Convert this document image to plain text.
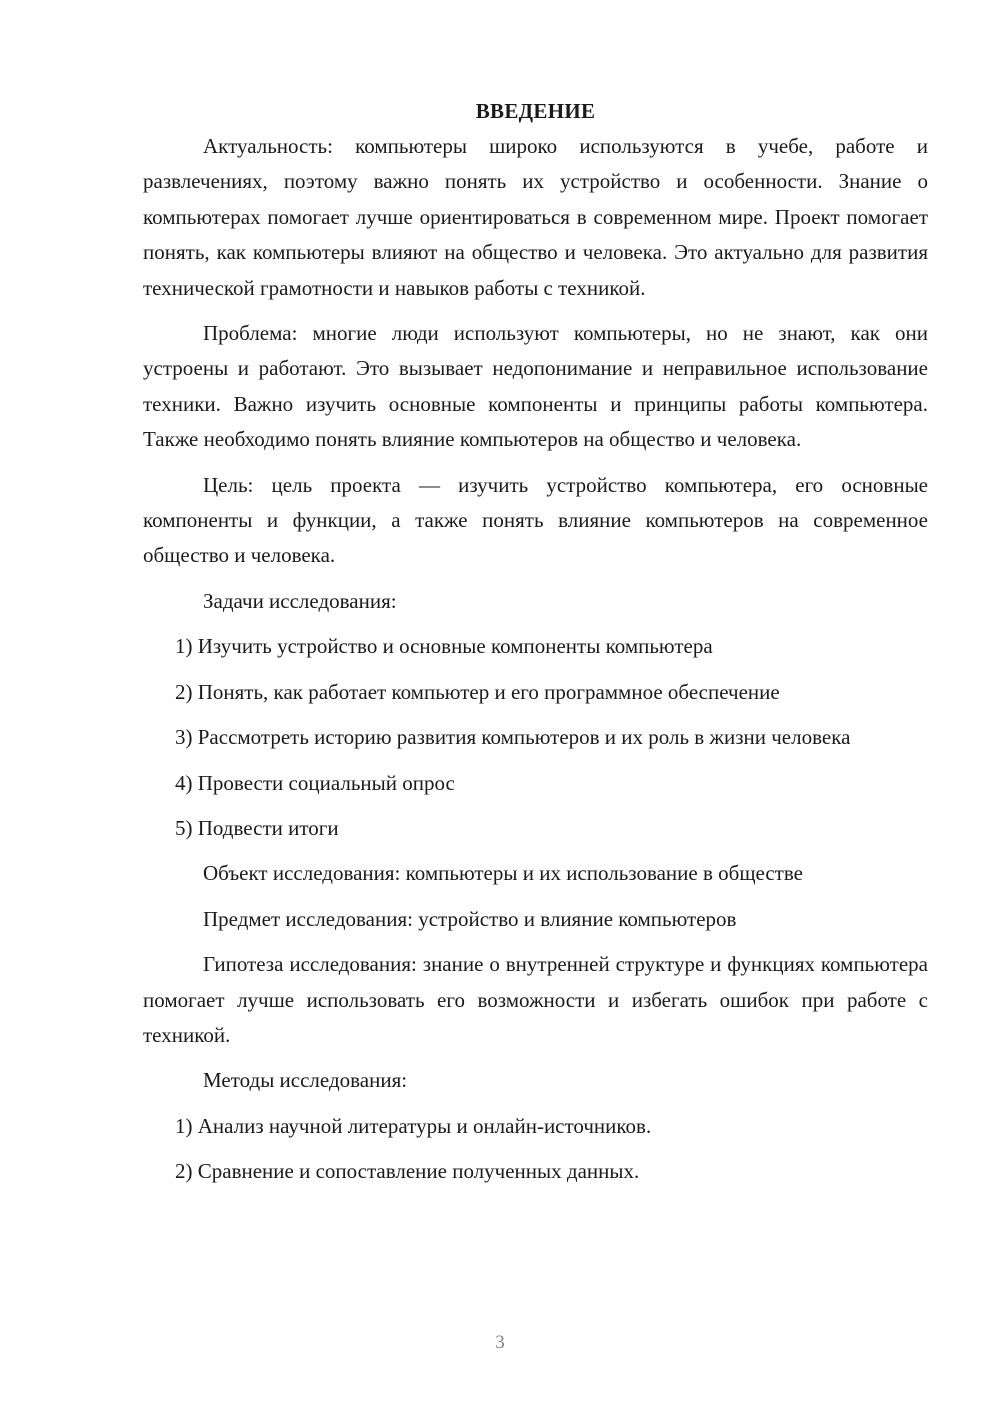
ВВЕДЕНИЕ

Актуальность: компьютеры широко используются в учебе, работе и развлечениях, поэтому важно понять их устройство и особенности. Знание о компьютерах помогает лучше ориентироваться в современном мире. Проект помогает понять, как компьютеры влияют на общество и человека. Это актуально для развития технической грамотности и навыков работы с техникой.

Проблема: многие люди используют компьютеры, но не знают, как они устроены и работают. Это вызывает недопонимание и неправильное использование техники. Важно изучить основные компоненты и принципы работы компьютера. Также необходимо понять влияние компьютеров на общество и человека.

Цель: цель проекта — изучить устройство компьютера, его основные компоненты и функции, а также понять влияние компьютеров на современное общество и человека.

Задачи исследования:

1) Изучить устройство и основные компоненты компьютера

2) Понять, как работает компьютер и его программное обеспечение

3) Рассмотреть историю развития компьютеров и их роль в жизни человека

4) Провести социальный опрос

5) Подвести итоги

Объект исследования: компьютеры и их использование в обществе

Предмет исследования: устройство и влияние компьютеров

Гипотеза исследования: знание о внутренней структуре и функциях компьютера помогает лучше использовать его возможности и избегать ошибок при работе с техникой.

Методы исследования:

1) Анализ научной литературы и онлайн-источников.

2) Сравнение и сопоставление полученных данных.

3
